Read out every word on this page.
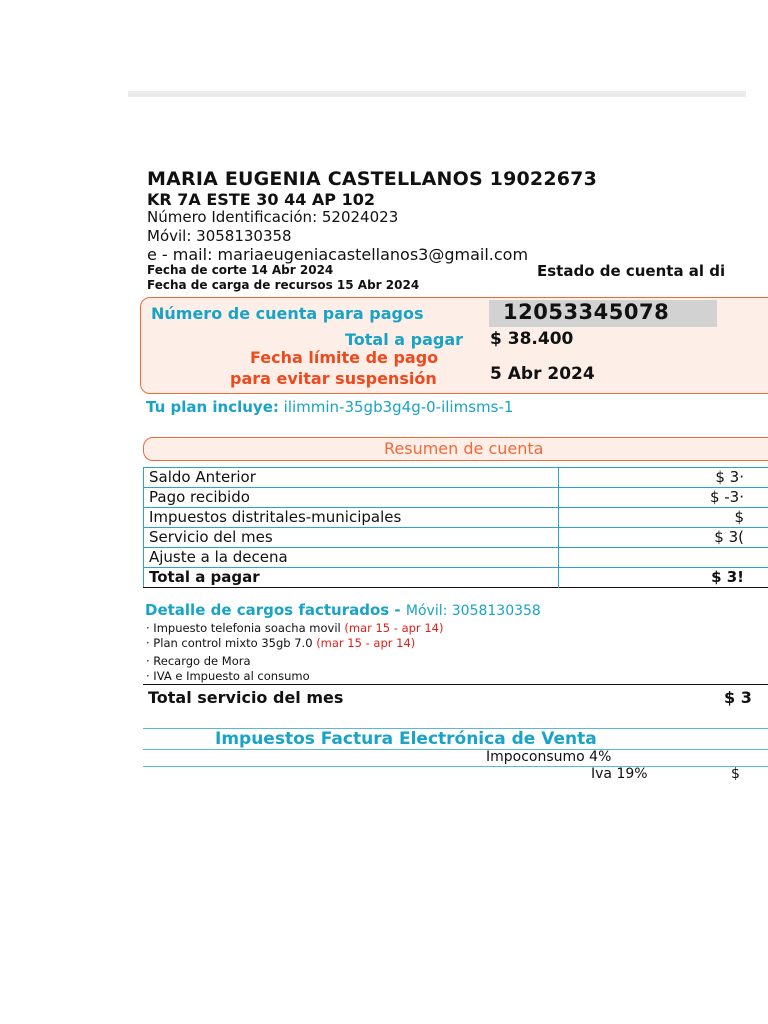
MARIA EUGENIA CASTELLANOS 19022673
KR 7A ESTE 30 44 AP 102
Número Identificación: 52024023
Móvil: 3058130358
e - mail: mariaeugeniacastellanos3@gmail.com
Fecha de corte 14 Abr 2024
Fecha de carga de recursos 15 Abr 2024
Estado de cuenta al di
Número de cuenta para pagos	12053345078
Total a pagar $ 38.400
Fecha límite de pago
para evitar suspensión	5 Abr 2024
Tu plan incluye: ilimmin-35gb3g4g-0-ilimsms-1
Resumen de cuenta
Saldo Anterior	$ 3·
Pago recibido	$ -3·
Impuestos distritales-municipales	$
Servicio del mes	$ 3(
Ajuste a la decena	
Total a pagar	$ 3!
Detalle de cargos facturados - Móvil: 3058130358
· Impuesto telefonia soacha movil (mar 15 - apr 14)
· Plan control mixto 35gb 7.0 (mar 15 - apr 14)
· Recargo de Mora
· IVA e Impuesto al consumo
Total servicio del mes	$ 3
Impuestos Factura Electrónica de Venta
Impoconsumo 4%
Iva 19%	$
